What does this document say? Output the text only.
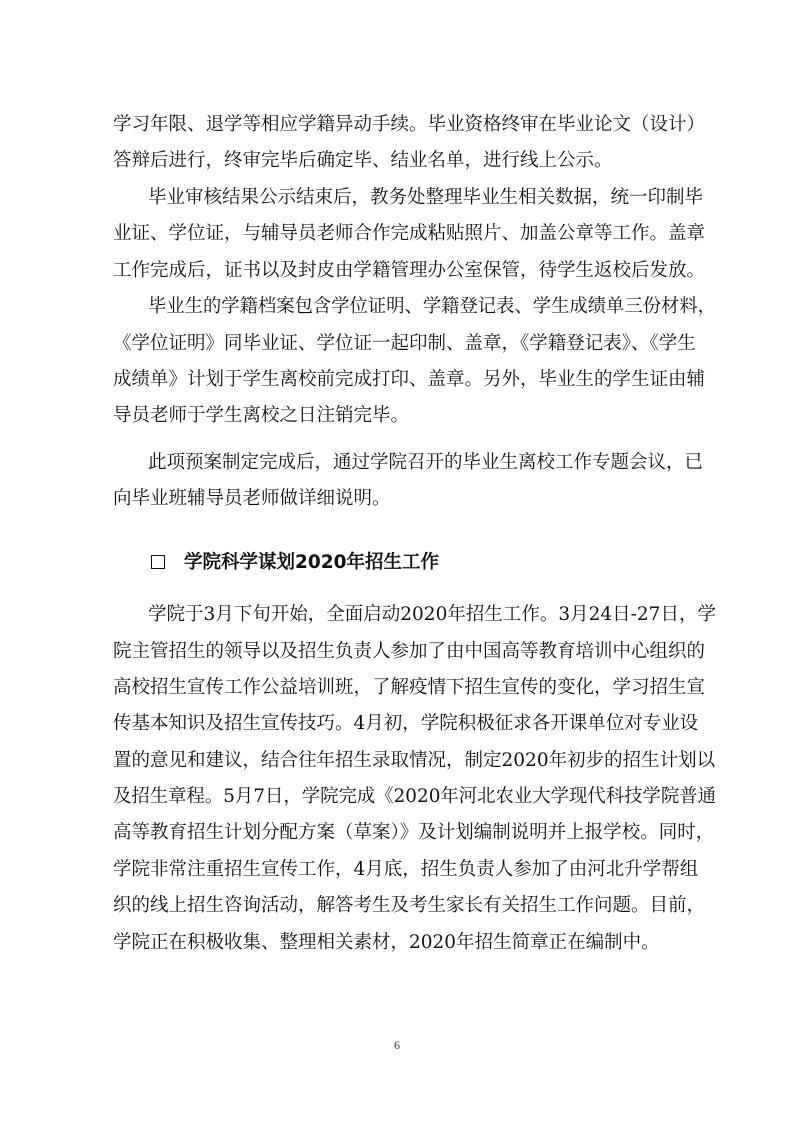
学习年限、退学等相应学籍异动手续。毕业资格终审在毕业论文（设计）
答辩后进行，终审完毕后确定毕、结业名单，进行线上公示。
毕业审核结果公示结束后，教务处整理毕业生相关数据，统一印制毕
业证、学位证，与辅导员老师合作完成粘贴照片、加盖公章等工作。盖章
工作完成后，证书以及封皮由学籍管理办公室保管，待学生返校后发放。
毕业生的学籍档案包含学位证明、学籍登记表、学生成绩单三份材料，
《学位证明》同毕业证、学位证一起印制、盖章，《学籍登记表》、《学生
成绩单》计划于学生离校前完成打印、盖章。另外，毕业生的学生证由辅
导员老师于学生离校之日注销完毕。
此项预案制定完成后，通过学院召开的毕业生离校工作专题会议，已
向毕业班辅导员老师做详细说明。
学院科学谋划2020年招生工作
学院于3月下旬开始，全面启动2020年招生工作。3月24日-27日，学
院主管招生的领导以及招生负责人参加了由中国高等教育培训中心组织的
高校招生宣传工作公益培训班，了解疫情下招生宣传的变化，学习招生宣
传基本知识及招生宣传技巧。4月初，学院积极征求各开课单位对专业设
置的意见和建议，结合往年招生录取情况，制定2020年初步的招生计划以
及招生章程。5月7日，学院完成《2020年河北农业大学现代科技学院普通
高等教育招生计划分配方案（草案）》及计划编制说明并上报学校。同时，
学院非常注重招生宣传工作，4月底，招生负责人参加了由河北升学帮组
织的线上招生咨询活动，解答考生及考生家长有关招生工作问题。目前，
学院正在积极收集、整理相关素材，2020年招生简章正在编制中。
6
